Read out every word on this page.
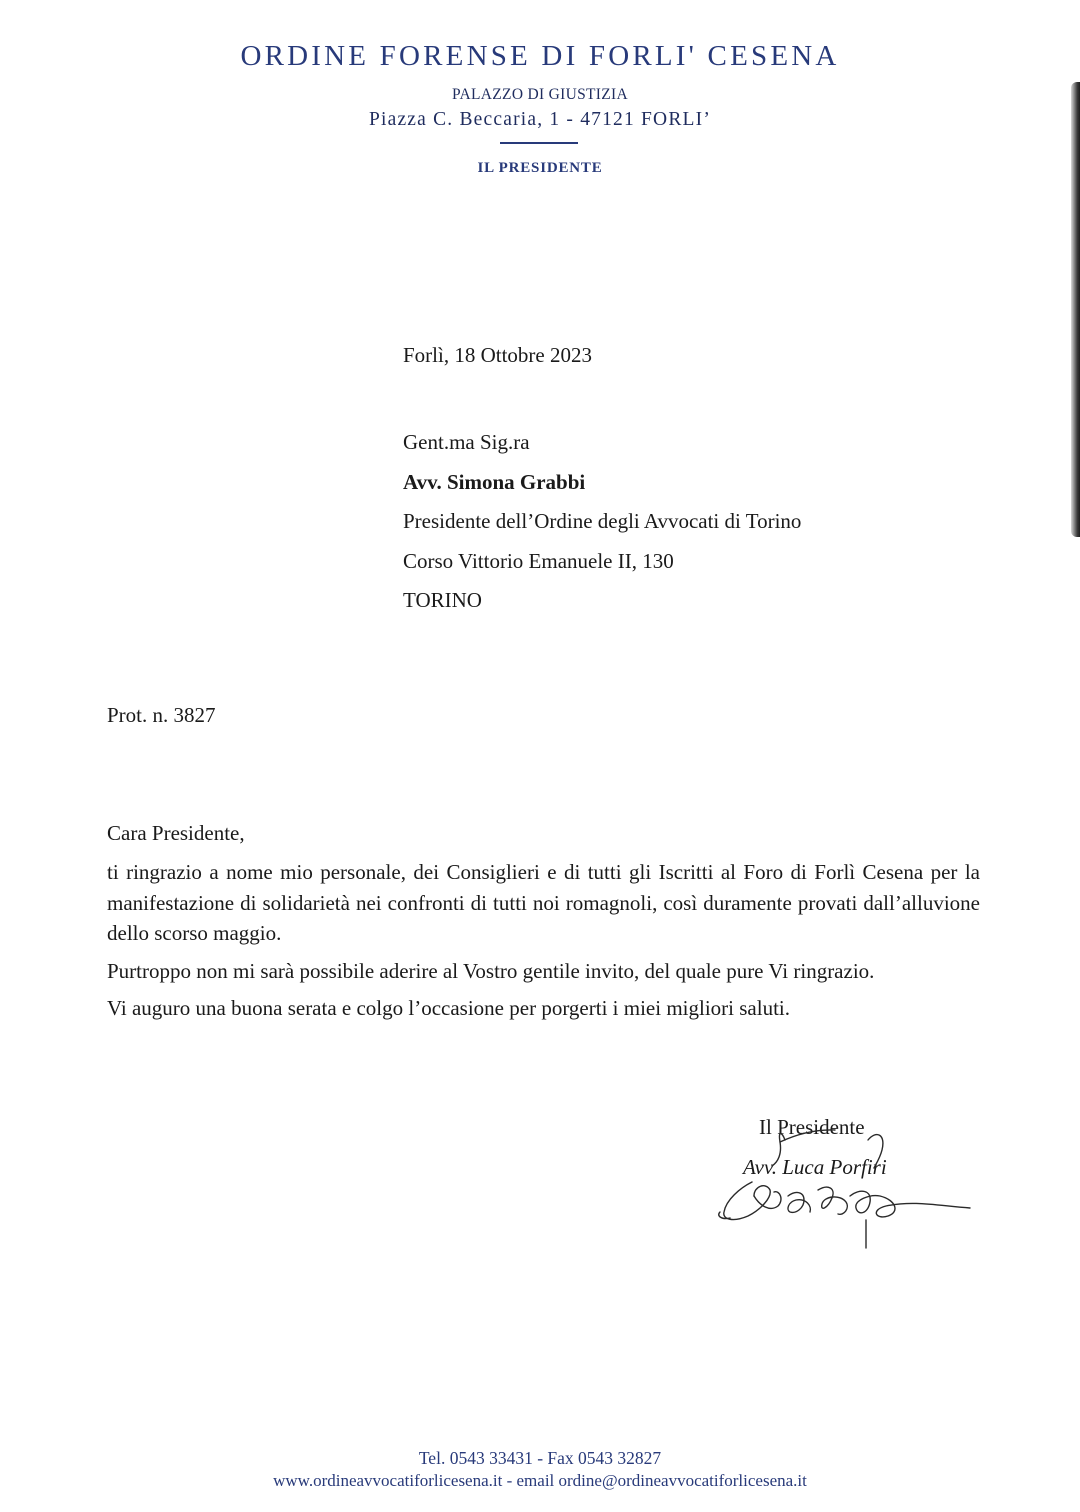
ORDINE FORENSE DI FORLI' CESENA
PALAZZO DI GIUSTIZIA
Piazza C. Beccaria, 1 - 47121 FORLI’
IL PRESIDENTE
Forlì, 18 Ottobre 2023
Gent.ma Sig.ra
Avv. Simona Grabbi
Presidente dell’Ordine degli Avvocati di Torino
Corso Vittorio Emanuele II, 130
TORINO
Prot. n. 3827
Cara Presidente,

ti ringrazio a nome mio personale, dei Consiglieri e di tutti gli Iscritti al Foro di Forlì Cesena per la manifestazione di solidarietà nei confronti di tutti noi romagnoli, così duramente provati dall’alluvione dello scorso maggio.

Purtroppo non mi sarà possibile aderire al Vostro gentile invito, del quale pure Vi ringrazio.

Vi auguro una buona serata e colgo l’occasione per porgerti i miei migliori saluti.

Il Presidente
Avv. Luca Porfiri
Tel. 0543 33431 - Fax 0543 32827
www.ordineavvocatiforlicesena.it - email ordine@ordineavvocatiforlicesena.it
